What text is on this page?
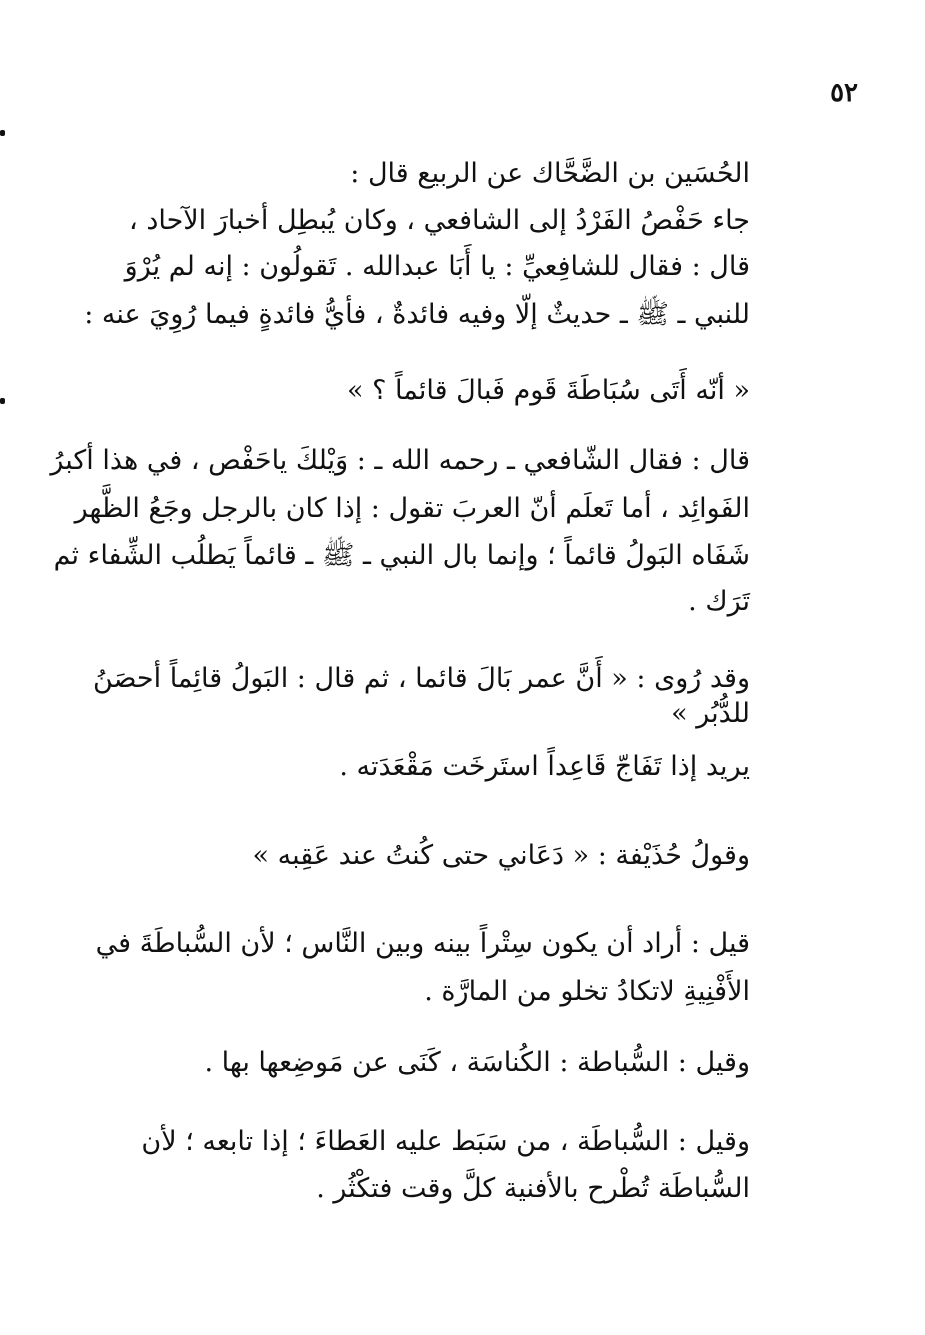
٥٢

الحُسَين بن الضَّحَّاك عن الربيع قال :

جاء حَفْصُ الفَرْدُ إلى الشافعي ، وكان يُبطِل أخبارَ الآحاد ،

قال : فقال للشافِعيِّ : يا أَبَا عبدالله . تَقولُون : إنه لم يُرْوَ

للنبي ـ ﷺ ـ حديثٌ إلّا وفيه فائدةٌ ، فأيُّ فائدةٍ فيما رُوِيَ عنه :

« أنّه أَتَى سُبَاطَةَ قَوم فَبالَ قائماً ؟ »

قال : فقال الشّافعي ـ رحمه الله ـ : وَيْلكَ ياحَفْص ، في هذا أكبرُ

الفَوائِد ، أما تَعلَم أنّ العربَ تقول : إذا كان بالرجل وجَعُ الظَّهر

شَفَاه البَولُ قائماً ؛ وإنما بال النبي ـ ﷺ ـ قائماً يَطلُب الشِّفاء ثم

تَرَك .

وقد رُوى : « أَنَّ عمر بَالَ قائما ، ثم قال : البَولُ قائِماً أحصَنُ

للدُّبُر »

يريد إذا تَفَاجّ قَاعِداً استَرخَت مَقْعَدَته .

وقولُ حُذَيْفة : « دَعَاني حتى كُنتُ عند عَقِبه »

قيل : أراد أن يكون سِتْراً بينه وبين النَّاس ؛ لأن السُّباطَةَ في

الأَفْنِيةِ لاتكادُ تخلو من المارَّة .

وقيل : السُّباطة : الكُناسَة ، كَنَى عن مَوضِعها بها .

وقيل : السُّباطَة ، من سَبَط عليه العَطاءَ ؛ إذا تابعه ؛ لأن

السُّباطَة تُطْرح بالأفنية كلَّ وقت فتكْثُر .
